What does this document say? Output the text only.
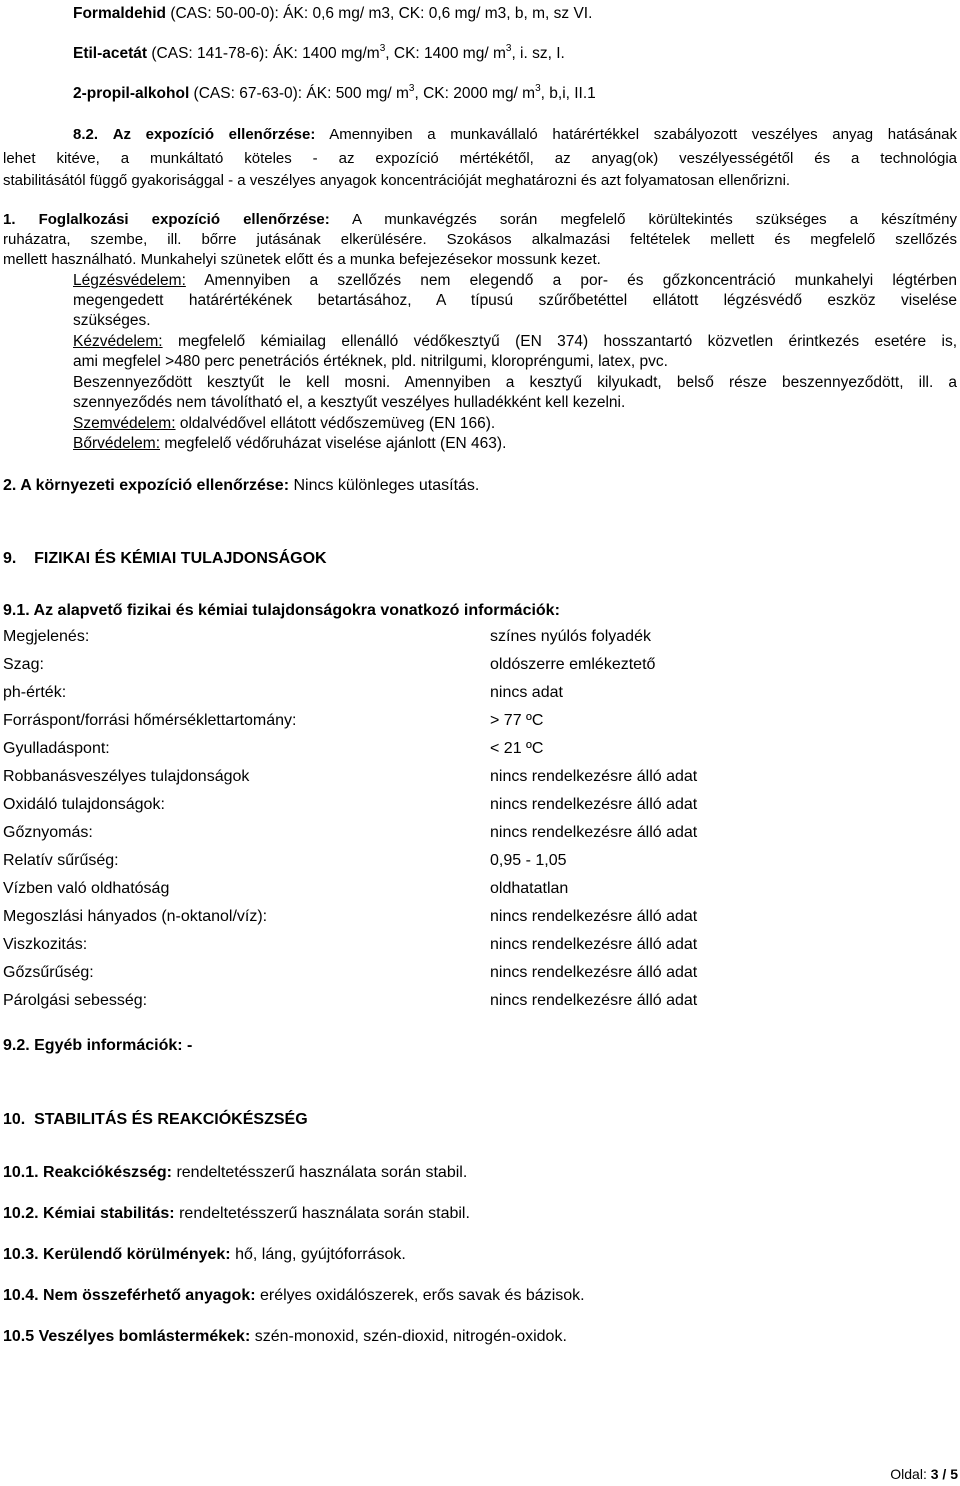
Formaldehid (CAS: 50-00-0): ÁK: 0,6 mg/ m3, CK: 0,6 mg/ m3, b, m, sz VI.
Etil-acetát (CAS: 141-78-6): ÁK: 1400 $mg/m^3$, CK: 1400 mg/ $m^3$, i. sz, I.
2-propil-alkohol (CAS: 67-63-0): ÁK: 500 mg/ $m^3$, CK: 2000 mg/ $m^3$, b,i, II.1
8.2. Az expozíció ellenőrzése: Amennyiben a munkavállaló határértékkel szabályozott veszélyes anyag hatásának
lehet kitéve, a munkáltató köteles - az expozíció mértékétől, az anyag(ok) veszélyességétől és a technológia
stabilitásától függő gyakorisággal - a veszélyes anyagok koncentrációját meghatározni és azt folyamatosan ellenőrizni.
1. Foglalkozási expozíció ellenőrzése: A munkavégzés során megfelelő körültekintés szükséges a készítmény
ruházatra, szembe, ill. bőrre jutásának elkerülésére. Szokásos alkalmazási feltételek mellett és megfelelő szellőzés
mellett használható. Munkahelyi szünetek előtt és a munka befejezésekor mossunk kezet.
Légzésvédelem: Amennyiben a szellőzés nem elegendő a por- és gőzkoncentráció munkahelyi légtérben
megengedett határértékének betartásához, A típusú szűrőbetéttel ellátott légzésvédő eszköz viselése
szükséges.
Kézvédelem: megfelelő kémiailag ellenálló védőkesztyű (EN 374) hosszantartó közvetlen érintkezés esetére is,
ami megfelel >480 perc penetrációs értéknek, pld. nitrilgumi, kloropréngumi, latex, pvc.
Beszennyeződött kesztyűt le kell mosni. Amennyiben a kesztyű kilyukadt, belső része beszennyeződött, ill. a
szennyeződés nem távolítható el, a kesztyűt veszélyes hulladékként kell kezelni.
Szemvédelem: oldalvédővel ellátott védőszemüveg (EN 166).
Bőrvédelem: megfelelő védőruházat viselése ajánlott (EN 463).
2. A környezeti expozíció ellenőrzése: Nincs különleges utasítás.
9.    FIZIKAI ÉS KÉMIAI TULAJDONSÁGOK
9.1. Az alapvető fizikai és kémiai tulajdonságokra vonatkozó információk:
Megjelenés:	színes nyúlós folyadék
Szag:	oldószerre emlékeztető
ph-érték:	nincs adat
Forráspont/forrási hőmérséklettartomány:	> 77 ºC
Gyulladáspont:	< 21 ºC
Robbanásveszélyes tulajdonságok	nincs rendelkezésre álló adat
Oxidáló tulajdonságok:	nincs rendelkezésre álló adat
Gőznyomás:	nincs rendelkezésre álló adat
Relatív sűrűség:	0,95 - 1,05
Vízben való oldhatóság	oldhatatlan
Megoszlási hányados (n-oktanol/víz):	nincs rendelkezésre álló adat
Viszkozitás:	nincs rendelkezésre álló adat
Gőzsűrűség:	nincs rendelkezésre álló adat
Párolgási sebesség:	nincs rendelkezésre álló adat
9.2. Egyéb információk: -
10.  STABILITÁS ÉS REAKCIÓKÉSZSÉG
10.1. Reakciókészség: rendeltetésszerű használata során stabil.
10.2. Kémiai stabilitás: rendeltetésszerű használata során stabil.
10.3. Kerülendő körülmények: hő, láng, gyújtóforrások.
10.4. Nem összeférhető anyagok: erélyes oxidálószerek, erős savak és bázisok.
10.5 Veszélyes bomlástermékek: szén-monoxid, szén-dioxid, nitrogén-oxidok.
Oldal: 3 / 5
